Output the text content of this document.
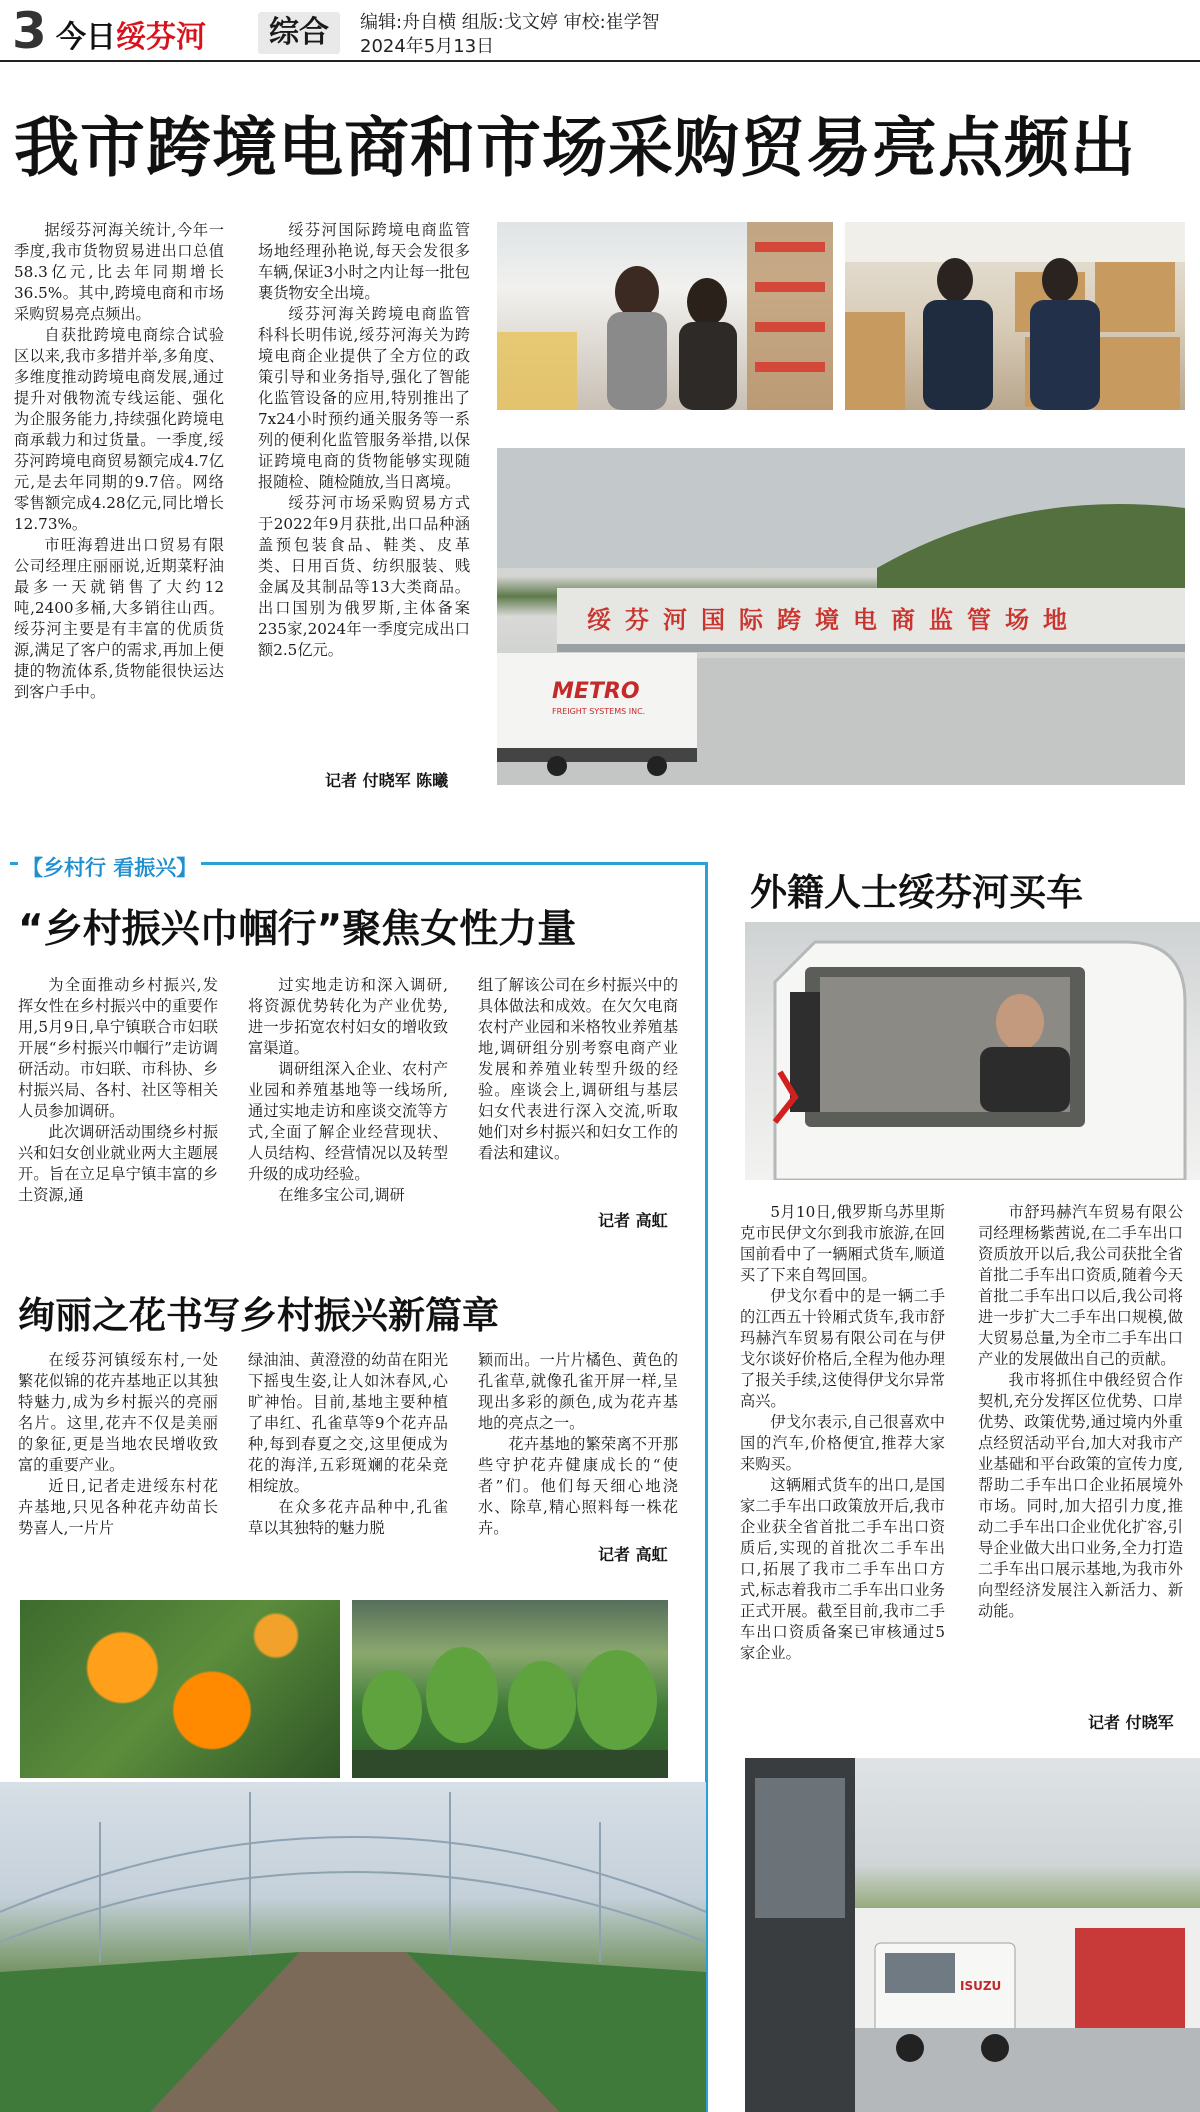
3 今日绥芬河	综合	编辑:舟自横 组版:戈文婷 审校:崔学智
2024年5月13日
我市跨境电商和市场采购贸易亮点频出

据绥芬河海关统计,今年一季度,我市货物贸易进出口总值58.3亿元,比去年同期增长36.5%。其中,跨境电商和市场采购贸易亮点频出。

自获批跨境电商综合试验区以来,我市多措并举,多角度、多维度推动跨境电商发展,通过提升对俄物流专线运能、强化为企服务能力,持续强化跨境电商承载力和过货量。一季度,绥芬河跨境电商贸易额完成4.7亿元,是去年同期的9.7倍。网络零售额完成4.28亿元,同比增长12.73%。

市旺海碧进出口贸易有限公司经理庄丽丽说,近期菜籽油最多一天就销售了大约12吨,2400多桶,大多销往山西。绥芬河主要是有丰富的优质货源,满足了客户的需求,再加上便捷的物流体系,货物能很快运达到客户手中。

绥芬河国际跨境电商监管场地经理孙艳说,每天会发很多车辆,保证3小时之内让每一批包裹货物安全出境。

绥芬河海关跨境电商监管科科长明伟说,绥芬河海关为跨境电商企业提供了全方位的政策引导和业务指导,强化了智能化监管设备的应用,特别推出了7x24小时预约通关服务等一系列的便利化监管服务举措,以保证跨境电商的货物能够实现随报随检、随检随放,当日离境。

绥芬河市场采购贸易方式于2022年9月获批,出口品种涵盖预包装食品、鞋类、皮革类、日用百货、纺织服装、贱金属及其制品等13大类商品。出口国别为俄罗斯,主体备案235家,2024年一季度完成出口额2.5亿元。

记者 付晓军 陈曦
绥芬河国际跨境电商监管场地
METRO
FREIGHT SYSTEMS INC.
【乡村行 看振兴】
“乡村振兴巾帼行”聚焦女性力量

为全面推动乡村振兴,发挥女性在乡村振兴中的重要作用,5月9日,阜宁镇联合市妇联开展“乡村振兴巾帼行”走访调研活动。市妇联、市科协、乡村振兴局、各村、社区等相关人员参加调研。

此次调研活动围绕乡村振兴和妇女创业就业两大主题展开。旨在立足阜宁镇丰富的乡土资源,通

过实地走访和深入调研,将资源优势转化为产业优势,进一步拓宽农村妇女的增收致富渠道。

调研组深入企业、农村产业园和养殖基地等一线场所,通过实地走访和座谈交流等方式,全面了解企业经营现状、人员结构、经营情况以及转型升级的成功经验。

在维多宝公司,调研

组了解该公司在乡村振兴中的具体做法和成效。在欠欠电商农村产业园和米格牧业养殖基地,调研组分别考察电商产业发展和养殖业转型升级的经验。座谈会上,调研组与基层妇女代表进行深入交流,听取她们对乡村振兴和妇女工作的看法和建议。

记者 高虹
绚丽之花书写乡村振兴新篇章

在绥芬河镇绥东村,一处繁花似锦的花卉基地正以其独特魅力,成为乡村振兴的亮丽名片。这里,花卉不仅是美丽的象征,更是当地农民增收致富的重要产业。

近日,记者走进绥东村花卉基地,只见各种花卉幼苗长势喜人,一片片

绿油油、黄澄澄的幼苗在阳光下摇曳生姿,让人如沐春风,心旷神怡。目前,基地主要种植了串红、孔雀草等9个花卉品种,每到春夏之交,这里便成为花的海洋,五彩斑斓的花朵竞相绽放。

在众多花卉品种中,孔雀草以其独特的魅力脱

颖而出。一片片橘色、黄色的孔雀草,就像孔雀开屏一样,呈现出多彩的颜色,成为花卉基地的亮点之一。

花卉基地的繁荣离不开那些守护花卉健康成长的“使者”们。他们每天细心地浇水、除草,精心照料每一株花卉。

记者 高虹
外籍人士绥芬河买车

5月10日,俄罗斯乌苏里斯克市民伊文尔到我市旅游,在回国前看中了一辆厢式货车,顺道买了下来自驾回国。

伊戈尔看中的是一辆二手的江西五十铃厢式货车,我市舒玛赫汽车贸易有限公司在与伊戈尔谈好价格后,全程为他办理了报关手续,这使得伊戈尔异常高兴。

伊戈尔表示,自己很喜欢中国的汽车,价格便宜,推荐大家来购买。

这辆厢式货车的出口,是国家二手车出口政策放开后,我市企业获全省首批二手车出口资质后,实现的首批次二手车出口,拓展了我市二手车出口方式,标志着我市二手车出口业务正式开展。截至目前,我市二手车出口资质备案已审核通过5家企业。

市舒玛赫汽车贸易有限公司经理杨紫茜说,在二手车出口资质放开以后,我公司获批全省首批二手车出口资质,随着今天首批二手车出口以后,我公司将进一步扩大二手车出口规模,做大贸易总量,为全市二手车出口产业的发展做出自己的贡献。

我市将抓住中俄经贸合作契机,充分发挥区位优势、口岸优势、政策优势,通过境内外重点经贸活动平台,加大对我市产业基础和平台政策的宣传力度,帮助二手车出口企业拓展境外市场。同时,加大招引力度,推动二手车出口企业优化扩容,引导企业做大出口业务,全力打造二手车出口展示基地,为我市外向型经济发展注入新活力、新动能。

记者 付晓军
ISUZU
